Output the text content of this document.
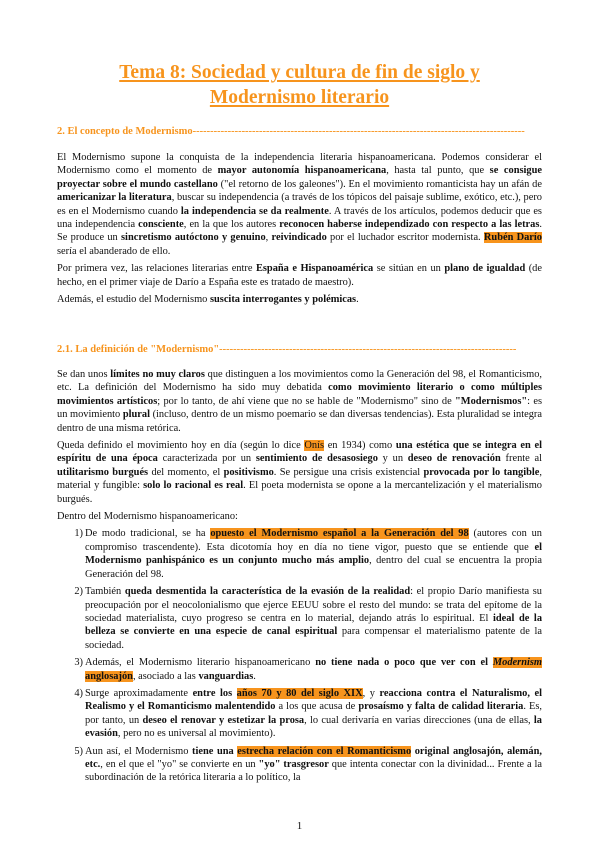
Tema 8: Sociedad y cultura de fin de siglo y
Modernismo literario
2. El concepto de Modernismo-----------------------------------------------------------------------------------------------

El Modernismo supone la conquista de la independencia literaria hispanoamericana. Podemos considerar el Modernismo como el momento de mayor autonomía hispanoamericana, hasta tal punto, que se consigue proyectar sobre el mundo castellano ("el retorno de los galeones"). En el movimiento romanticista hay un afán de americanizar la literatura, buscar su independencia (a través de los tópicos del paisaje sublime, exótico, etc.), pero es en el Modernismo cuando la independencia se da realmente. A través de los artículos, podemos deducir que es una independencia consciente, en la que los autores reconocen haberse independizado con respecto a las letras. Se produce un sincretismo autóctono y genuino, reivindicado por el luchador escritor modernista. Rubén Darío sería el abanderado de ello.

Por primera vez, las relaciones literarias entre España e Hispanoamérica se sitúan en un plano de igualdad (de hecho, en el primer viaje de Darío a España este es tratado de maestro).

Además, el estudio del Modernismo suscita interrogantes y polémicas.

2.1. La definición de "Modernismo"-------------------------------------------------------------------------------------

Se dan unos límites no muy claros que distinguen a los movimientos como la Generación del 98, el Romanticismo, etc. La definición del Modernismo ha sido muy debatida como movimiento literario o como múltiples movimientos artísticos; por lo tanto, de ahí viene que no se hable de "Modernismo" sino de "Modernismos": es un movimiento plural (incluso, dentro de un mismo poemario se dan diversas tendencias). Esta pluralidad se integra dentro de una misma retórica.

Queda definido el movimiento hoy en día (según lo dice Onís en 1934) como una estética que se integra en el espíritu de una época caracterizada por un sentimiento de desasosiego y un deseo de renovación frente al utilitarismo burgués del momento, el positivismo. Se persigue una crisis existencial provocada por lo tangible, material y fungible: solo lo racional es real. El poeta modernista se opone a la mercantelización y el materialismo burgués.

Dentro del Modernismo hispanoamericano:

1) De modo tradicional, se ha opuesto el Modernismo español a la Generación del 98 (autores con un compromiso trascendente). Esta dicotomía hoy en día no tiene vigor, puesto que se entiende que el Modernismo panhispánico es un conjunto mucho más amplio, dentro del cual se encuentra la propia Generación del 98.
2) También queda desmentida la característica de la evasión de la realidad: el propio Darío manifiesta su preocupación por el neocolonialismo que ejerce EEUU sobre el resto del mundo: se trata del epítome de la sociedad materialista, cuyo progreso se centra en lo material, dejando atrás lo espiritual. El ideal de la belleza se convierte en una especie de canal espiritual para compensar el materialismo patente de la sociedad.
3) Además, el Modernismo literario hispanoamericano no tiene nada o poco que ver con el Modernism anglosajón, asociado a las vanguardias.
4) Surge aproximadamente entre los años 70 y 80 del siglo XIX, y reacciona contra el Naturalismo, el Realismo y el Romanticismo malentendido a los que acusa de prosaísmo y falta de calidad literaria. Es, por tanto, un deseo el renovar y estetizar la prosa, lo cual derivaría en varias direcciones (una de ellas, la evasión, pero no es universal al movimiento).
5) Aun así, el Modernismo tiene una estrecha relación con el Romanticismo original anglosajón, alemán, etc., en el que el "yo" se convierte en un "yo" trasgresor que intenta conectar con la divinidad... Frente a la subordinación de la retórica literaria a lo político, la
1
